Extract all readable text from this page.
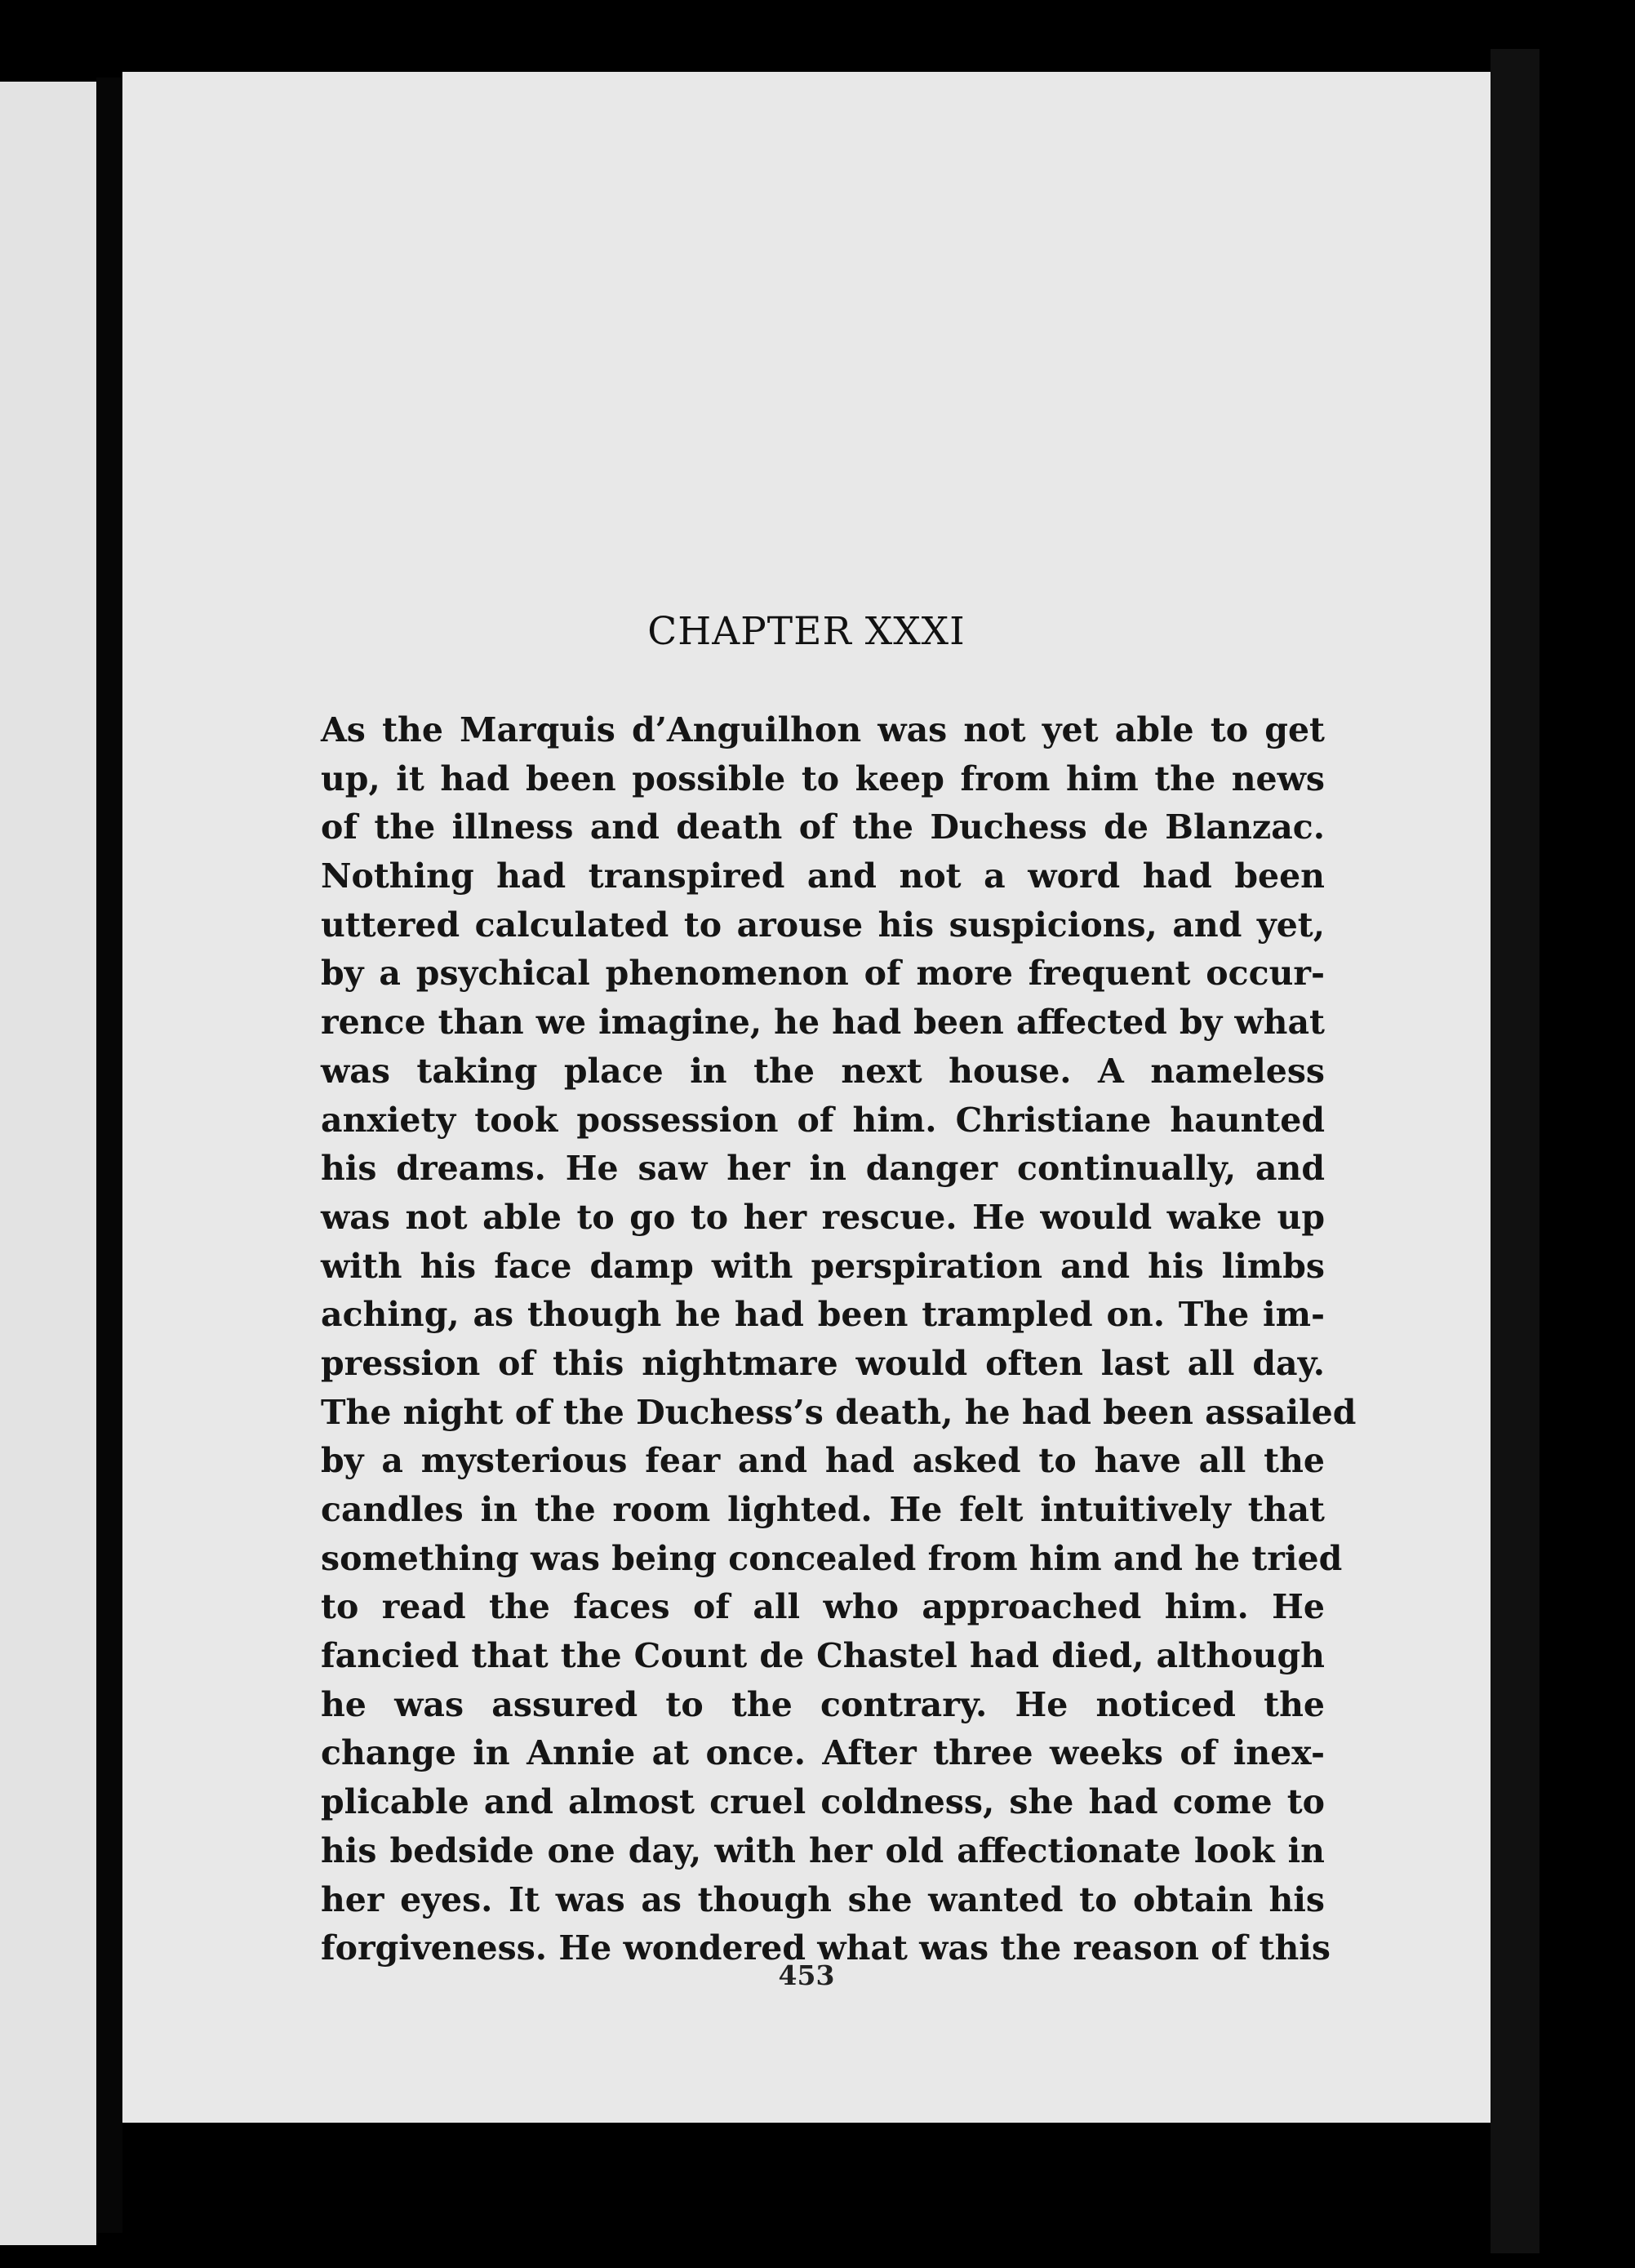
CHAPTER XXXI
As the Marquis d’Anguilhon was not yet able to get
up, it had been possible to keep from him the news
of the illness and death of the Duchess de Blanzac.
Nothing had transpired and not a word had been
uttered calculated to arouse his suspicions, and yet,
by a psychical phenomenon of more frequent occur-
rence than we imagine, he had been affected by what
was taking place in the next house. A nameless
anxiety took possession of him. Christiane haunted
his dreams. He saw her in danger continually, and
was not able to go to her rescue. He would wake up
with his face damp with perspiration and his limbs
aching, as though he had been trampled on. The im-
pression of this nightmare would often last all day.
The night of the Duchess’s death, he had been assailed
by a mysterious fear and had asked to have all the
candles in the room lighted. He felt intuitively that
something was being concealed from him and he tried
to read the faces of all who approached him. He
fancied that the Count de Chastel had died, although
he was assured to the contrary. He noticed the
change in Annie at once. After three weeks of inex-
plicable and almost cruel coldness, she had come to
his bedside one day, with her old affectionate look in
her eyes. It was as though she wanted to obtain his
forgiveness. He wondered what was the reason of this
453
